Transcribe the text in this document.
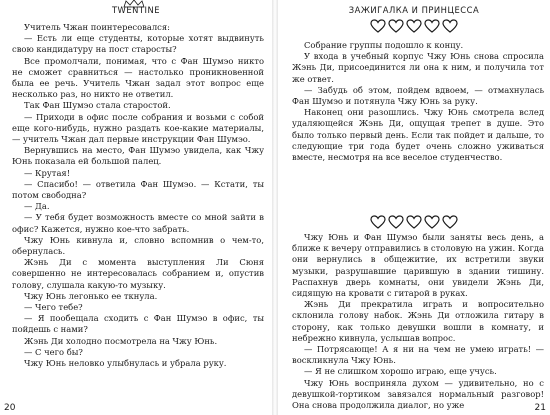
TWENTINE

Учитель Чжан поинтересовался:

— Есть ли еще студенты, которые хотят выдвинуть свою кандидатуру на пост старосты?

Все промолчали, понимая, что с Фан Шумэо никто не сможет сравниться — настолько проникновенной была ее речь. Учитель Чжан задал этот вопрос еще несколько раз, но никто не ответил.

Так Фан Шумэо стала старостой.

— Приходи в офис после собрания и возьми с собой еще кого-нибудь, нужно раздать кое-какие материалы, — учитель Чжан дал первые инструкции Фан Шумэо.

Вернувшись на место, Фан Шумэо увидела, как Чжу Юнь показала ей большой палец.

— Крутая!

— Спасибо! — ответила Фан Шумэо. — Кстати, ты потом свободна?

— Да.

— У тебя будет возможность вместе со мной зайти в офис? Кажется, нужно кое-что забрать.

Чжу Юнь кивнула и, словно вспомнив о чем-то, обернулась.

Жэнь Ди с момента выступления Ли Сюня совершенно не интересовалась собранием и, опустив голову, слушала какую-то музыку.

Чжу Юнь легонько ее ткнула.

— Чего тебе?

— Я пообещала сходить с Фан Шумэо в офис, ты пойдешь с нами?

Жэнь Ди холодно посмотрела на Чжу Юнь.

— С чего бы?

Чжу Юнь неловко улыбнулась и убрала руку.

20
ЗАЖИГАЛКА И ПРИНЦЕССА

Собрание группы подошло к концу.

У входа в учебный корпус Чжу Юнь снова спросила Жэнь Ди, присоединится ли она к ним, и получила тот же ответ.

— Забудь об этом, пойдем вдвоем, — отмахнулась Фан Шумэо и потянула Чжу Юнь за руку.

Наконец они разошлись. Чжу Юнь смотрела вслед удаляющейся Жэнь Ди, ощущая трепет в душе. Это было только первый день. Если так пойдет и дальше, то следующие три года будет очень сложно уживаться вместе, несмотря на все веселое студенчество.

Чжу Юнь и Фан Шумэо были заняты весь день, а ближе к вечеру отправились в столовую на ужин. Когда они вернулись в общежитие, их встретили звуки музыки, разрушавшие царившую в здании тишину. Распахнув дверь комнаты, они увидели Жэнь Ди, сидящую на кровати с гитарой в руках.

Жэнь Ди прекратила играть и вопросительно склонила голову набок. Жэнь Ди отложила гитару в сторону, как только девушки вошли в комнату, и небрежно кивнула, услышав вопрос.

— Потрясающе! А я ни на чем не умею играть! — воскликнула Чжу Юнь.

— Я не слишком хорошо играю, еще учусь.

Чжу Юнь восприняла духом — удивительно, но с девушкой-тортиком завязался нормальный разговор! Она снова продолжила диалог, но уже	21
